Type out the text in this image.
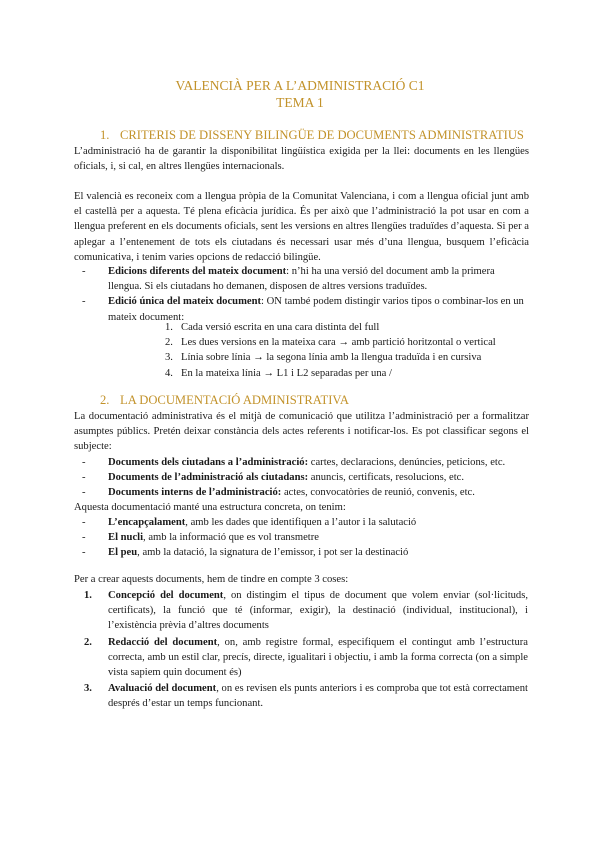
VALENCIÀ PER A L’ADMINISTRACIÓ C1
TEMA 1
1. CRITERIS DE DISSENY BILINGÜE DE DOCUMENTS ADMINISTRATIUS

L’administració ha de garantir la disponibilitat lingüística exigida per la llei: documents en les llengües oficials, i, si cal, en altres llengües internacionals.

El valencià es reconeix com a llengua pròpia de la Comunitat Valenciana, i com a llengua oficial junt amb el castellà per a aquesta. Té plena eficàcia jurídica. És per això que l’administració la pot usar en com a llengua preferent en els documents oficials, sent les versions en altres llengües traduïdes d’aquesta. Si per a aplegar a l’entenement de tots els ciutadans és necessari usar més d’una llengua, busquem l’eficàcia comunicativa, i tenim varies opcions de redacció bilingüe.

-	Edicions diferents del mateix document: n’hi ha una versió del document amb la primera llengua. Si els ciutadans ho demanen, disposen de altres versions traduïdes.
-	Edició única del mateix document: ON també podem distingir varios tipos o combinar-los en un mateix document:
1. Cada versió escrita en una cara distinta del full
2. Les dues versions en la mateixa cara → amb partició horitzontal o vertical
3. Línia sobre línia → la segona línia amb la llengua traduïda i en cursiva
4. En la mateixa línia → L1 i L2 separadas per una /
2. LA DOCUMENTACIÓ ADMINISTRATIVA

La documentació administrativa és el mitjà de comunicació que utilitza l’administració per a formalitzar asumptes públics. Pretén deixar constància dels actes referents i notificar-los. Es pot classificar segons el subjecte:

-	Documents dels ciutadans a l’administració: cartes, declaracions, denúncies, peticions, etc.
-	Documents de l’administració als ciutadans: anuncis, certificats, resolucions, etc.
-	Documents interns de l’administració: actes, convocatòries de reunió, convenis, etc.

Aquesta documentació manté una estructura concreta, on tenim:

-	L’encapçalament, amb les dades que identifiquen a l’autor i la salutació
-	El nucli, amb la informació que es vol transmetre
-	El peu, amb la datació, la signatura de l’emissor, i pot ser la destinació

Per a crear aquests documents, hem de tindre en compte 3 coses:

1. Concepció del document, on distingim el tipus de document que volem enviar (sol·licituds, certificats), la funció que té (informar, exigir), la destinació (individual, institucional), i l’existència prèvia d’altres documents
2. Redacció del document, on, amb registre formal, especifiquem el contingut amb l’estructura correcta, amb un estil clar, precís, directe, igualitari i objectiu, i amb la forma correcta (on a simple vista sapiem quin document és)
3. Avaluació del document, on es revisen els punts anteriors i es comproba que tot està correctament després d’estar un temps funcionant.
